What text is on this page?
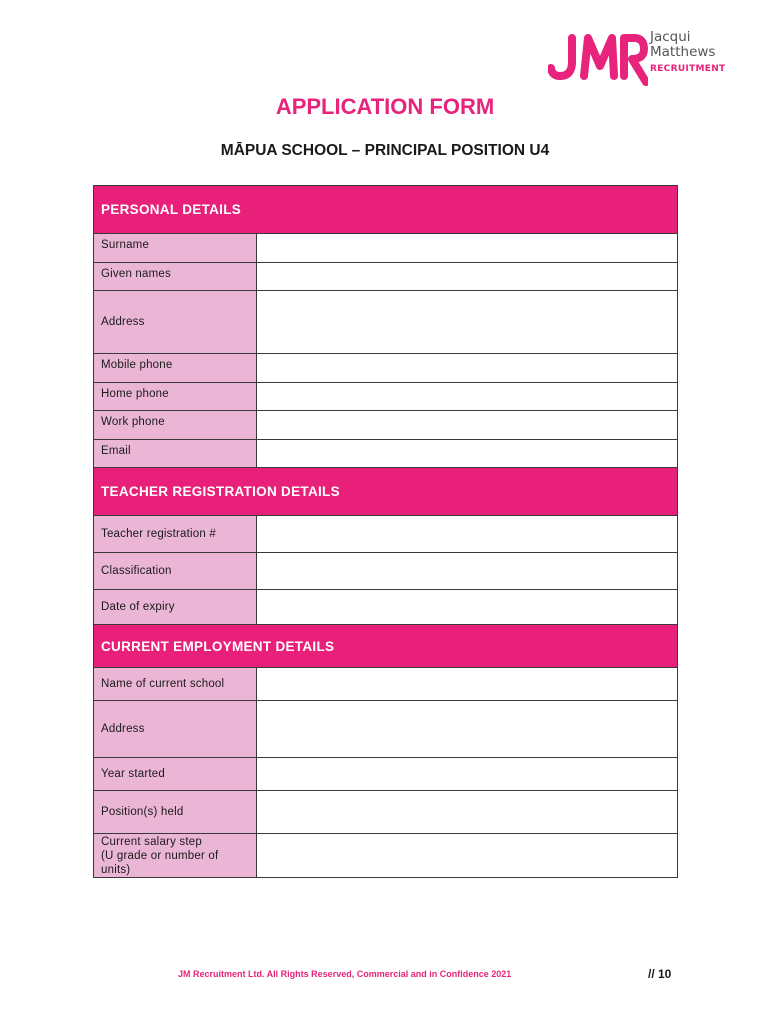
Jacqui
Matthews
RECRUITMENT
APPLICATION FORM
MĀPUA SCHOOL – PRINCIPAL POSITION U4
PERSONAL DETAILS	
Surname	
Given names	
Address	
Mobile phone	
Home phone	
Work phone	
Email	
TEACHER REGISTRATION DETAILS	
Teacher registration #	
Classification	
Date of expiry	
CURRENT EMPLOYMENT DETAILS	
Name of current school	
Address	
Year started	
Position(s) held	
Current salary step
(U grade or number of
units)	
JM Recruitment Ltd. All Rights Reserved, Commercial and in Confidence 2021	// 10
